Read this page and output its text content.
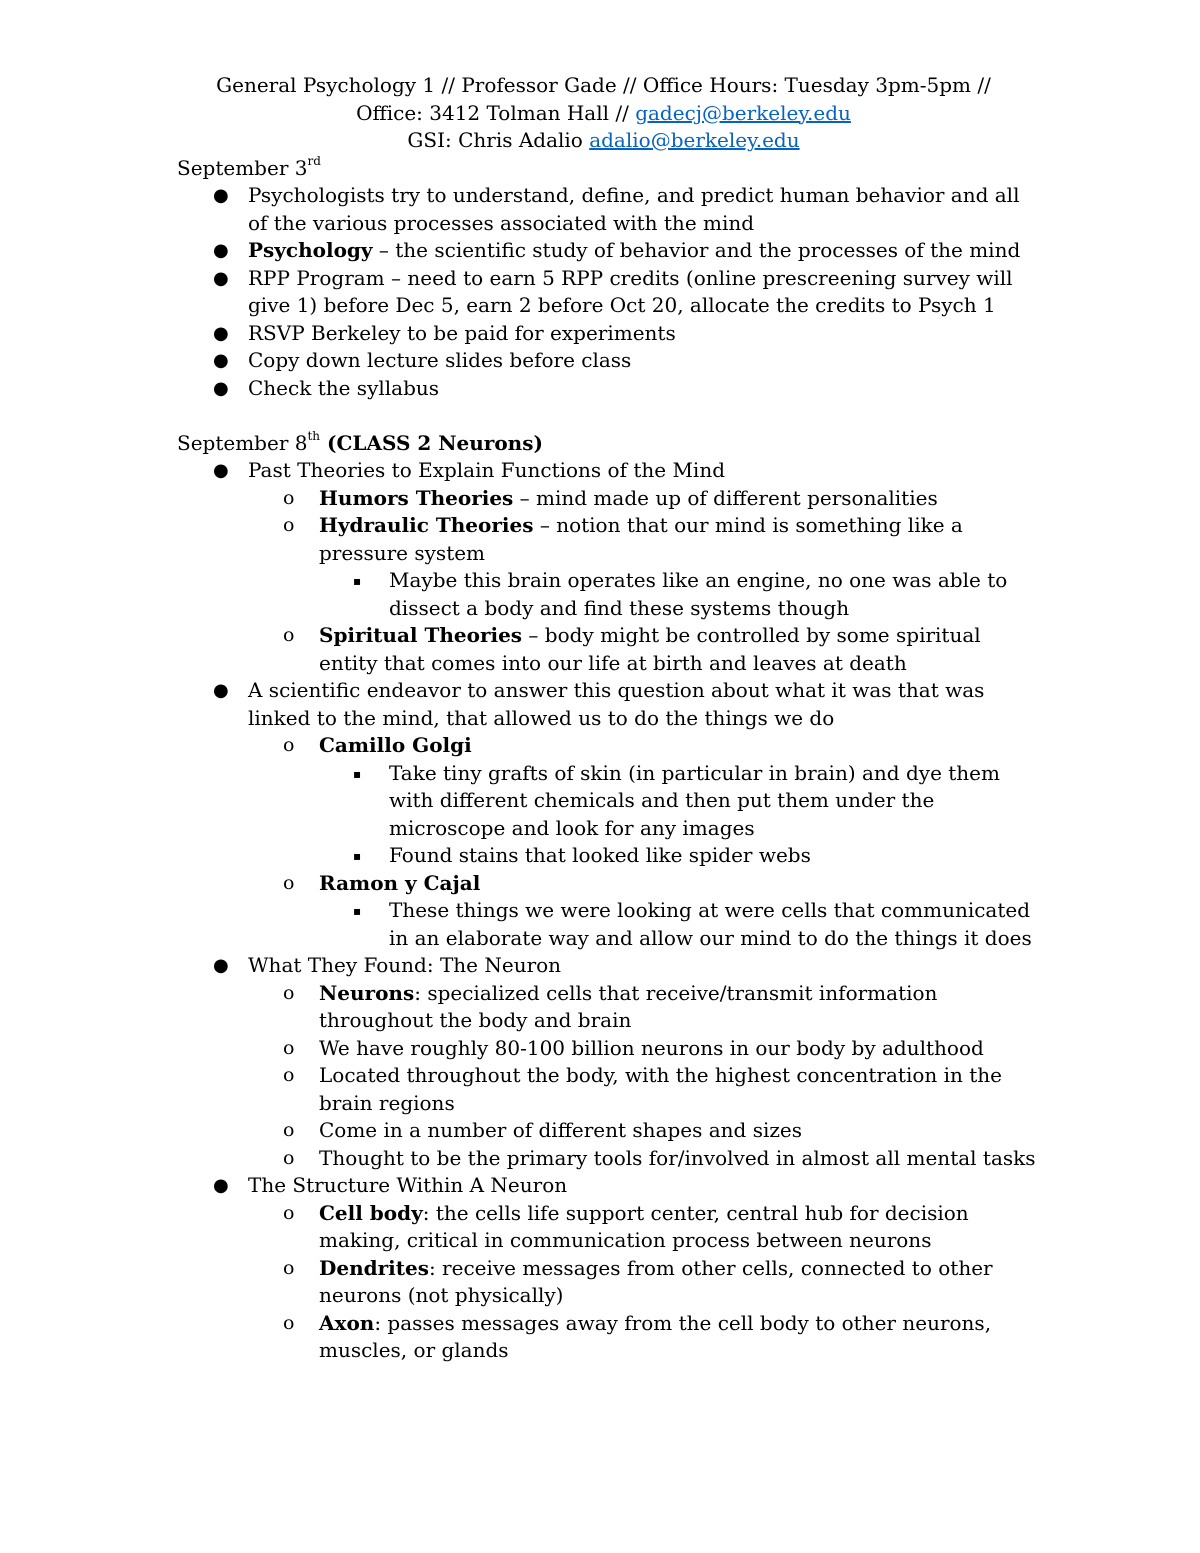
General Psychology 1 // Professor Gade // Office Hours: Tuesday 3pm-5pm //
Office: 3412 Tolman Hall // gadecj@berkeley.edu
GSI: Chris Adalio adalio@berkeley.edu
September 3rd
● Psychologists try to understand, define, and predict human behavior and all of the various processes associated with the mind
● Psychology – the scientific study of behavior and the processes of the mind
● RPP Program – need to earn 5 RPP credits (online prescreening survey will give 1) before Dec 5, earn 2 before Oct 20, allocate the credits to Psych 1
● RSVP Berkeley to be paid for experiments
● Copy down lecture slides before class
● Check the syllabus
September 8th (CLASS 2 Neurons)
● Past Theories to Explain Functions of the Mind
o Humors Theories – mind made up of different personalities
o Hydraulic Theories – notion that our mind is something like a pressure system
▪ Maybe this brain operates like an engine, no one was able to dissect a body and find these systems though
o Spiritual Theories – body might be controlled by some spiritual entity that comes into our life at birth and leaves at death
● A scientific endeavor to answer this question about what it was that was linked to the mind, that allowed us to do the things we do
o Camillo Golgi
▪ Take tiny grafts of skin (in particular in brain) and dye them with different chemicals and then put them under the microscope and look for any images
▪ Found stains that looked like spider webs
o Ramon y Cajal
▪ These things we were looking at were cells that communicated in an elaborate way and allow our mind to do the things it does
● What They Found: The Neuron
o Neurons: specialized cells that receive/transmit information throughout the body and brain
o We have roughly 80-100 billion neurons in our body by adulthood
o Located throughout the body, with the highest concentration in the brain regions
o Come in a number of different shapes and sizes
o Thought to be the primary tools for/involved in almost all mental tasks
● The Structure Within A Neuron
o Cell body: the cells life support center, central hub for decision making, critical in communication process between neurons
o Dendrites: receive messages from other cells, connected to other neurons (not physically)
o Axon: passes messages away from the cell body to other neurons, muscles, or glands
